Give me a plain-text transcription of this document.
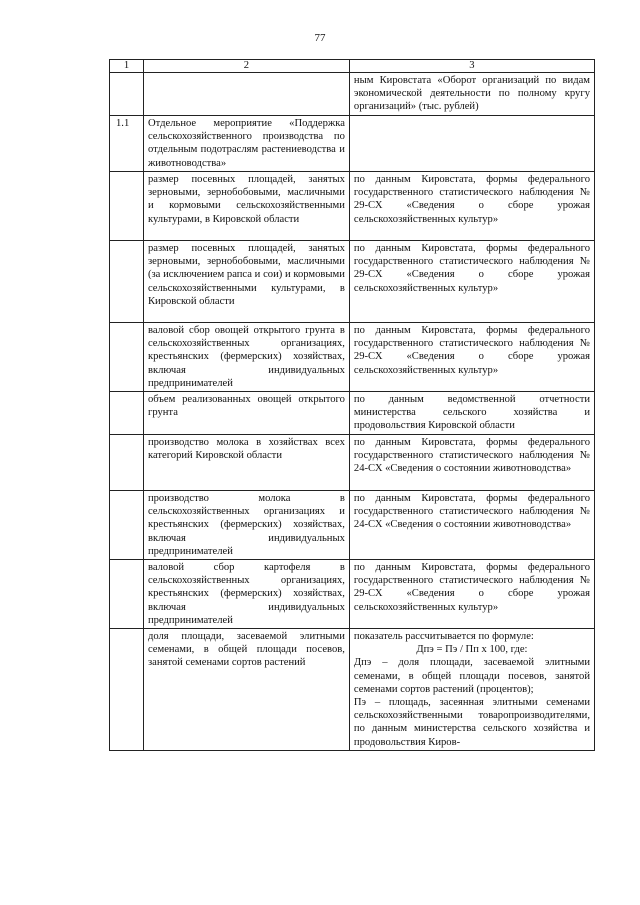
77
1	2	3
		ным Кировстата «Оборот организаций по видам экономической деятельности по полному кругу организаций» (тыс. рублей)
1.1	Отдельное мероприятие «Поддержка сельскохозяйственного производства по отдельным подотраслям растениеводства и животноводства»	
	размер посевных площадей, занятых зерновыми, зернобобовыми, масличными и кормовыми сельскохозяйственными культурами, в Кировской области	по данным Кировстата, формы федерального государственного статистического наблюдения № 29-СХ «Сведения о сборе урожая сельскохозяйственных культур»
	размер посевных площадей, занятых зерновыми, зернобобовыми, масличными (за исключением рапса и сои) и кормовыми сельскохозяйственными культурами, в Кировской области	по данным Кировстата, формы федерального государственного статистического наблюдения № 29-СХ «Сведения о сборе урожая сельскохозяйственных культур»
	валовой сбор овощей открытого грунта в сельскохозяйственных организациях, крестьянских (фермерских) хозяйствах, включая индивидуальных предпринимателей	по данным Кировстата, формы федерального государственного статистического наблюдения № 29-СХ «Сведения о сборе урожая сельскохозяйственных культур»
	объем реализованных овощей открытого грунта	по данным ведомственной отчетности министерства сельского хозяйства и продовольствия Кировской области
	производство молока в хозяйствах всех категорий Кировской области	по данным Кировстата, формы федерального государственного статистического наблюдения № 24-СХ «Сведения о состоянии животноводства»
	производство молока в сельскохозяйственных организациях и крестьянских (фермерских) хозяйствах, включая индивидуальных предпринимателей	по данным Кировстата, формы федерального государственного статистического наблюдения № 24-СХ «Сведения о состоянии животноводства»
	валовой сбор картофеля в сельскохозяйственных организациях, крестьянских (фермерских) хозяйствах, включая индивидуальных предпринимателей	по данным Кировстата, формы федерального государственного статистического наблюдения № 29-СХ «Сведения о сборе урожая сельскохозяйственных культур»
	доля площади, засеваемой элитными семенами, в общей площади посевов, занятой семенами сортов растений	показатель рассчитывается по формуле:

Дпэ = Пэ / Пп х 100, где:

Дпэ – доля площади, засеваемой элитными семенами, в общей площади посевов, занятой семенами сортов растений (процентов);

Пэ – площадь, засеянная элитными семенами сельскохозяйственными товаропроизводителями, по данным министерства сельского хозяйства и продовольствия Киров-
